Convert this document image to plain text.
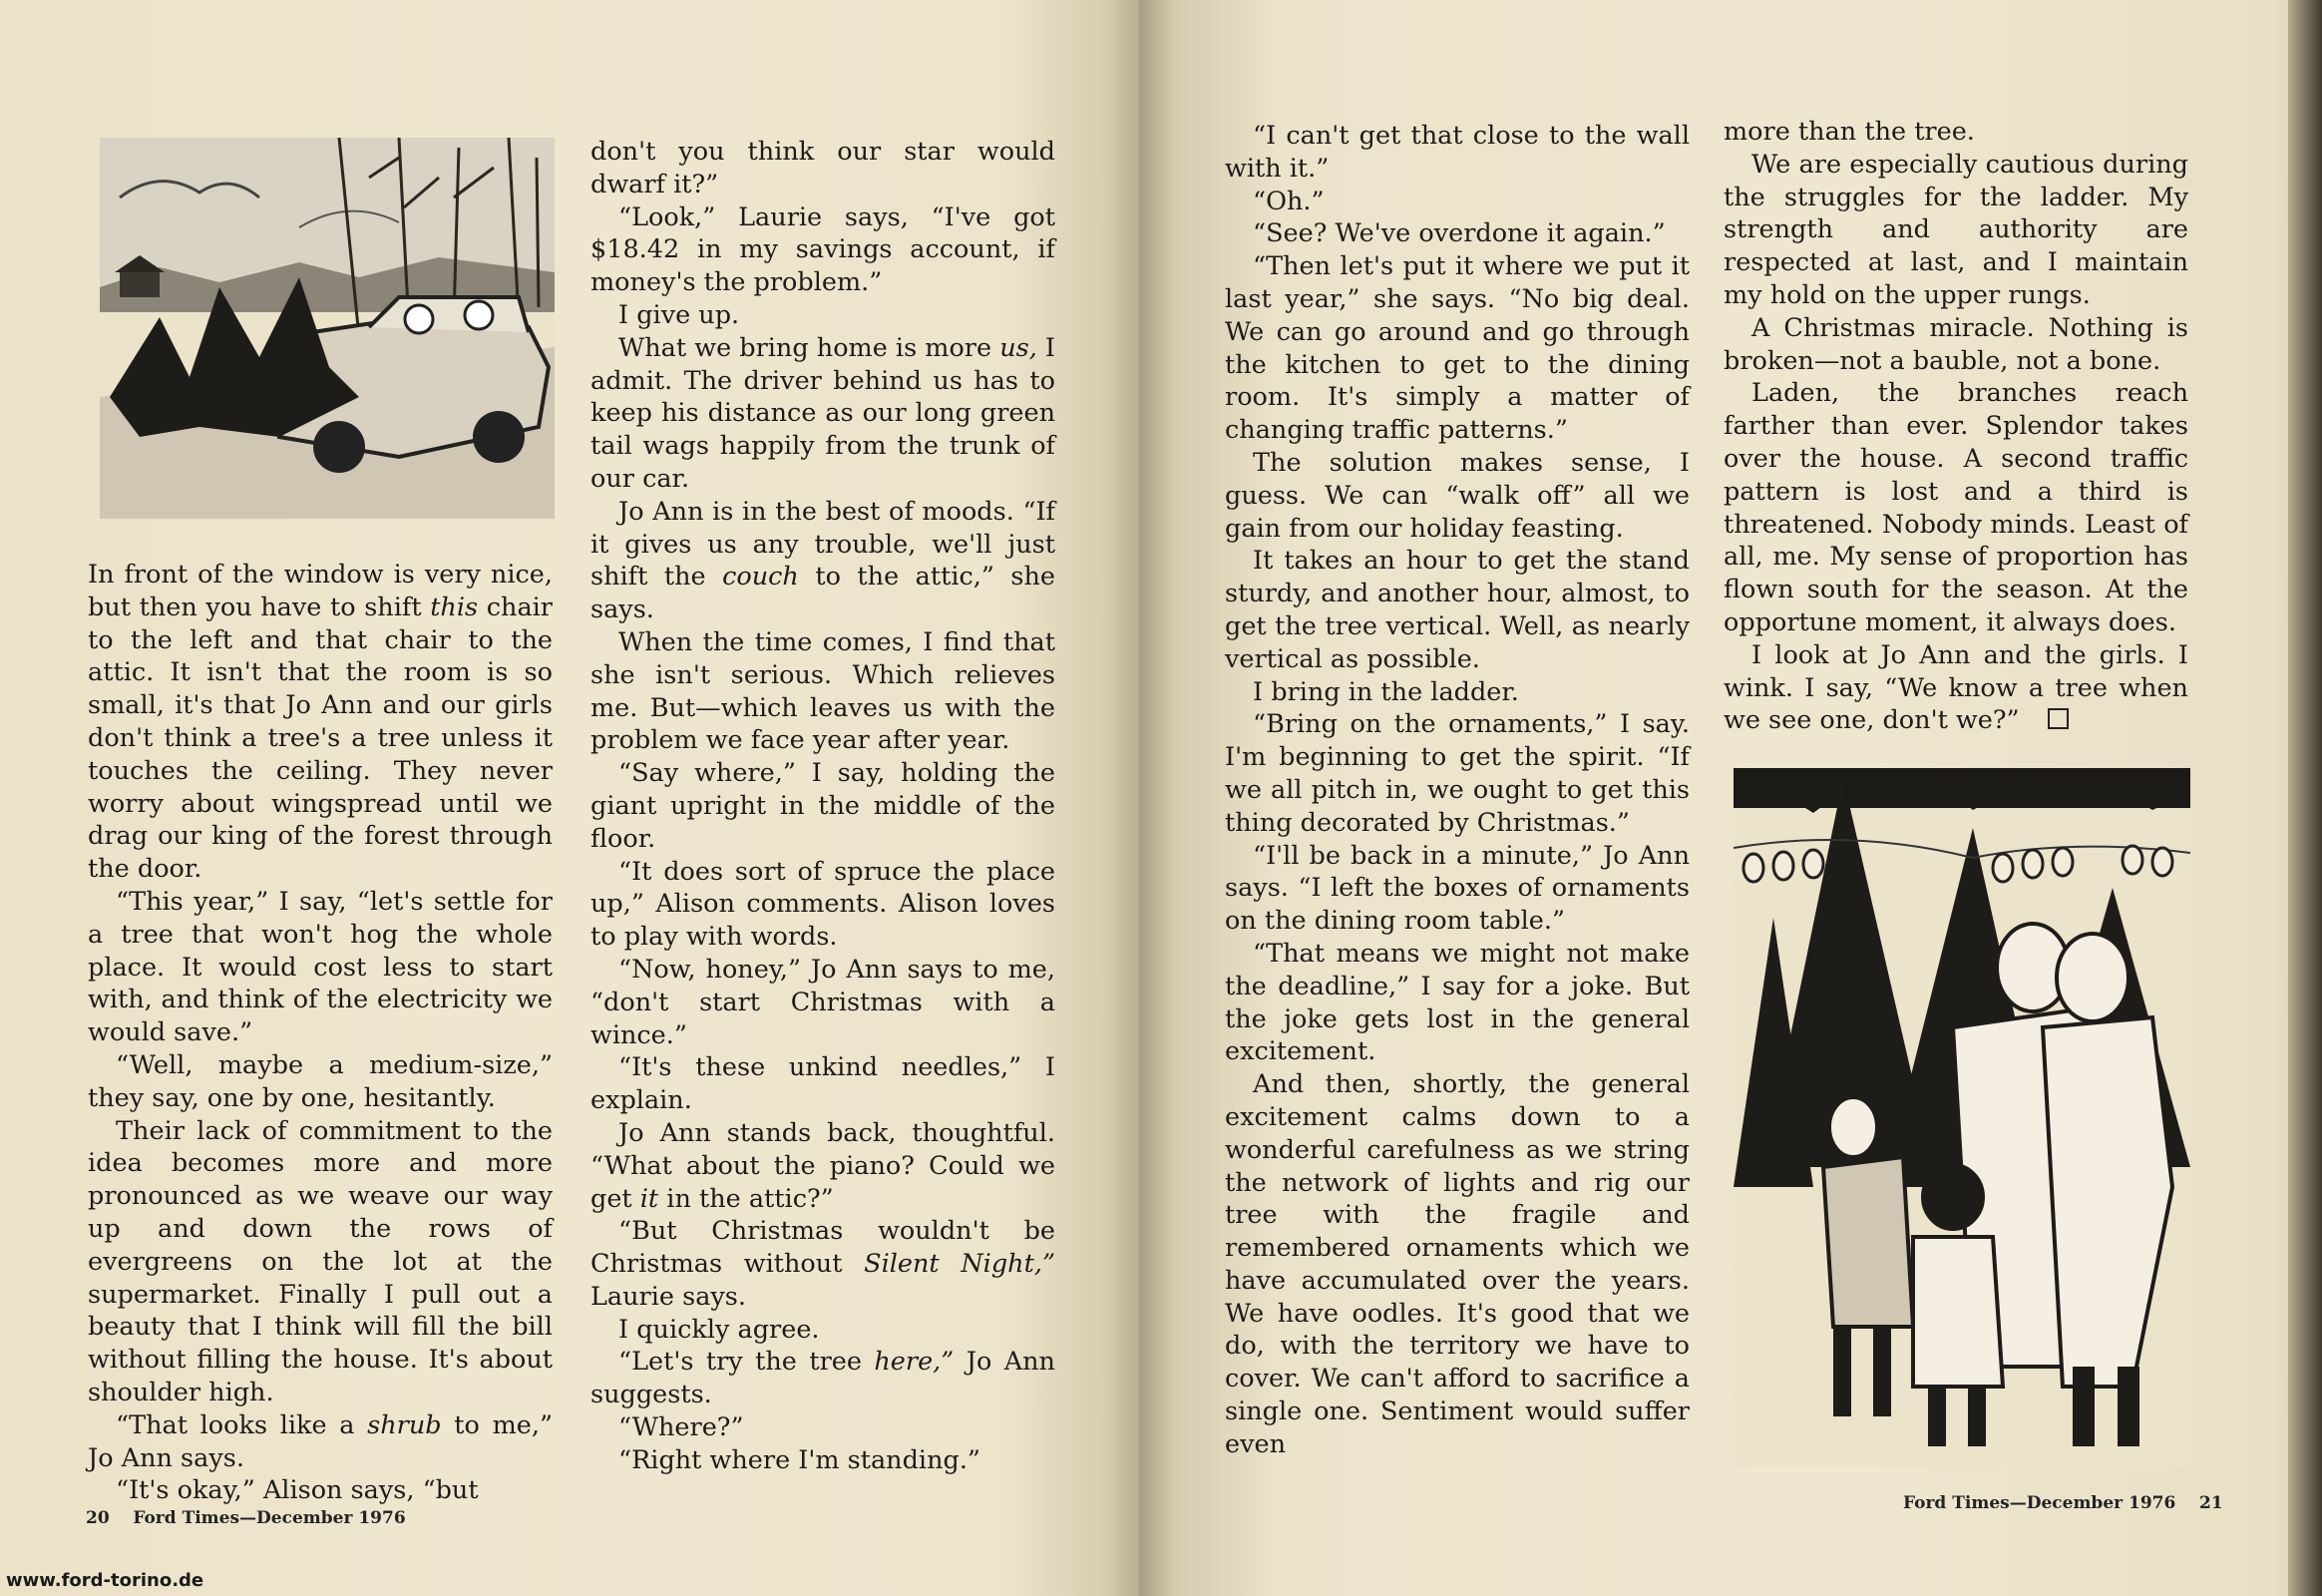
In front of the window is very nice, but then you have to shift this chair to the left and that chair to the attic. It isn't that the room is so small, it's that Jo Ann and our girls don't think a tree's a tree unless it touches the ceiling. They never worry about wingspread until we drag our king of the forest through the door.

“This year,” I say, “let's settle for a tree that won't hog the whole place. It would cost less to start with, and think of the electricity we would save.”

“Well, maybe a medium-size,” they say, one by one, hesitantly.

Their lack of commitment to the idea becomes more and more pronounced as we weave our way up and down the rows of evergreens on the lot at the supermarket. Finally I pull out a beauty that I think will fill the bill without filling the house. It's about shoulder high.

“That looks like a shrub to me,” Jo Ann says.

“It's okay,” Alison says, “but

don't you think our star would dwarf it?”

“Look,” Laurie says, “I've got $18.42 in my savings account, if money's the problem.”

I give up.

What we bring home is more us, I admit. The driver behind us has to keep his distance as our long green tail wags happily from the trunk of our car.

Jo Ann is in the best of moods. “If it gives us any trouble, we'll just shift the couch to the attic,” she says.

When the time comes, I find that she isn't serious. Which relieves me. But—which leaves us with the problem we face year after year.

“Say where,” I say, holding the giant upright in the middle of the floor.

“It does sort of spruce the place up,” Alison comments. Alison loves to play with words.

“Now, honey,” Jo Ann says to me, “don't start Christmas with a wince.”

“It's these unkind needles,” I explain.

Jo Ann stands back, thoughtful. “What about the piano? Could we get it in the attic?”

“But Christmas wouldn't be Christmas without Silent Night,” Laurie says.

I quickly agree.

“Let's try the tree here,” Jo Ann suggests.

“Where?”

“Right where I'm standing.”

20    Ford Times—December 1976
www.ford-torino.de

“I can't get that close to the wall with it.”

“Oh.”

“See? We've overdone it again.”

“Then let's put it where we put it last year,” she says. “No big deal. We can go around and go through the kitchen to get to the dining room. It's simply a matter of changing traffic patterns.”

The solution makes sense, I guess. We can “walk off” all we gain from our holiday feasting.

It takes an hour to get the stand sturdy, and another hour, almost, to get the tree vertical. Well, as nearly vertical as possible.

I bring in the ladder.

“Bring on the ornaments,” I say. I'm beginning to get the spirit. “If we all pitch in, we ought to get this thing decorated by Christmas.”

“I'll be back in a minute,” Jo Ann says. “I left the boxes of ornaments on the dining room table.”

“That means we might not make the deadline,” I say for a joke. But the joke gets lost in the general excitement.

And then, shortly, the general excitement calms down to a wonderful carefulness as we string the network of lights and rig our tree with the fragile and remembered ornaments which we have accumulated over the years. We have oodles. It's good that we do, with the territory we have to cover. We can't afford to sacrifice a single one. Sentiment would suffer even

more than the tree.

We are especially cautious during the struggles for the ladder. My strength and authority are respected at last, and I maintain my hold on the upper rungs.

A Christmas miracle. Nothing is broken—not a bauble, not a bone.

Laden, the branches reach farther than ever. Splendor takes over the house. A second traffic pattern is lost and a third is threatened. Nobody minds. Least of all, me. My sense of proportion has flown south for the season. At the opportune moment, it always does.

I look at Jo Ann and the girls. I wink. I say, “We know a tree when we see one, don't we?”

Ford Times—December 1976    21
